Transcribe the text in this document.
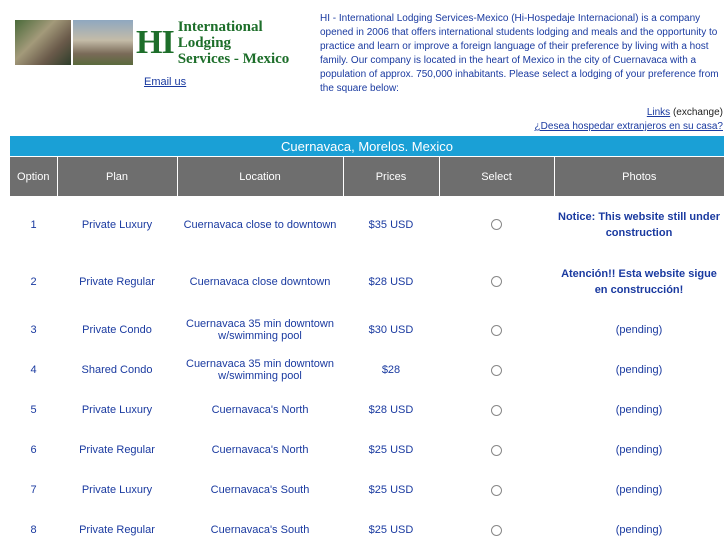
HI International Lodging
Services - Mexico
Email us
HI - International Lodging Services-Mexico (Hi-Hospedaje Internacional) is a company opened in 2006 that offers international students lodging and meals and the opportunity to practice and learn or improve a foreign language of their preference by living with a host family. Our company is located in the heart of Mexico in the city of Cuernavaca with a population of approx. 750,000 inhabitants. Please select a lodging of your preference from the square below:
Links (exchange)
¿Desea hospedar extranjeros en su casa?
Cuernavaca, Morelos. Mexico					
Option	Plan	Location	Prices	Select	Photos
1	Private Luxury	Cuernavaca close to downtown	$35 USD		Notice: This website still under construction
2	Private Regular	Cuernavaca close downtown	$28 USD		Atención!! Esta website sigue en construcción!
3	Private Condo	Cuernavaca 35 min downtown w/swimming pool	$30 USD		(pending)
4	Shared Condo	Cuernavaca 35 min downtown w/swimming pool	$28		(pending)
5	Private Luxury	Cuernavaca's North	$28 USD		(pending)
6	Private Regular	Cuernavaca's North	$25 USD		(pending)
7	Private Luxury	Cuernavaca's South	$25 USD		(pending)
8	Private Regular	Cuernavaca's South	$25 USD		(pending)
